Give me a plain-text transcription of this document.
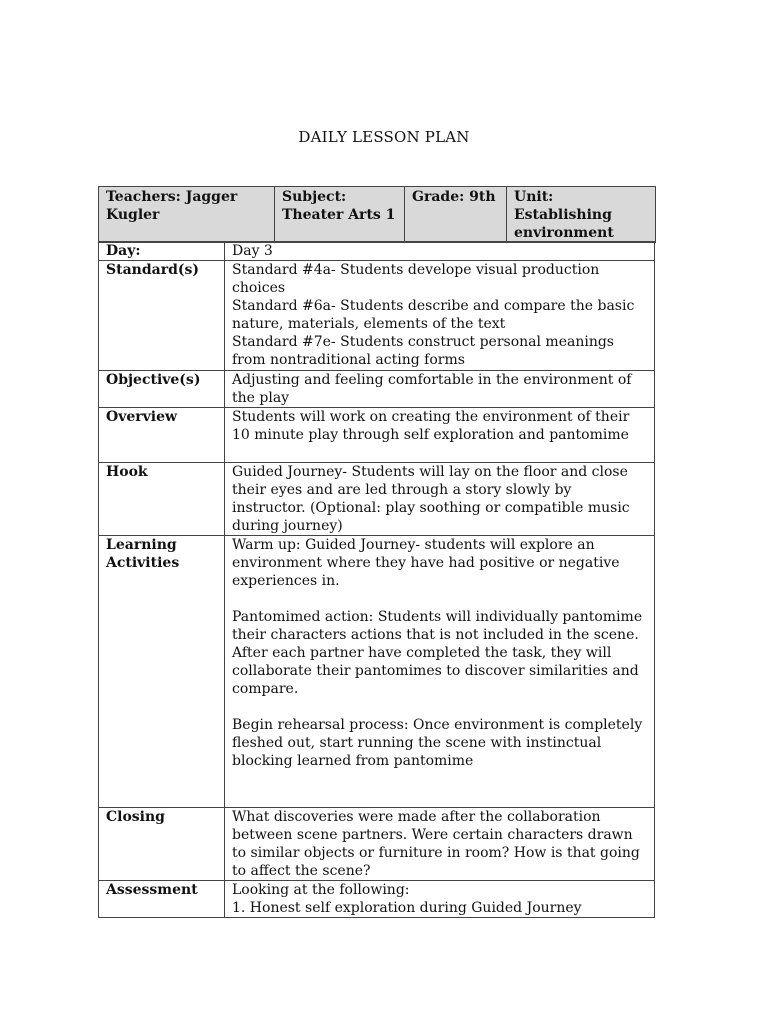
DAILY LESSON PLAN
Teachers: Jagger Kugler	Subject: Theater Arts 1	Grade: 9th	Unit: Establishing environment
Day:	Day 3
Standard(s)	Standard #4a- Students develope visual production choices
Standard #6a- Students describe and compare the basic nature, materials, elements of the text
Standard #7e- Students construct personal meanings from nontraditional acting forms
Objective(s)	Adjusting and feeling comfortable in the environment of the play
Overview	Students will work on creating the environment of their 10 minute play through self exploration and pantomime
Hook	Guided Journey- Students will lay on the floor and close their eyes and are led through a story slowly by instructor. (Optional: play soothing or compatible music during journey)
Learning Activities	Warm up: Guided Journey- students will explore an environment where they have had positive or negative experiences in.

Pantomimed action: Students will individually pantomime their characters actions that is not included in the scene. After each partner have completed the task, they will collaborate their pantomimes to discover similarities and compare.

Begin rehearsal process: Once environment is completely fleshed out, start running the scene with instinctual blocking learned from pantomime
Closing	What discoveries were made after the collaboration between scene partners. Were certain characters drawn to similar objects or furniture in room? How is that going to affect the scene?
Assessment	Looking at the following:
1. Honest self exploration during Guided Journey
